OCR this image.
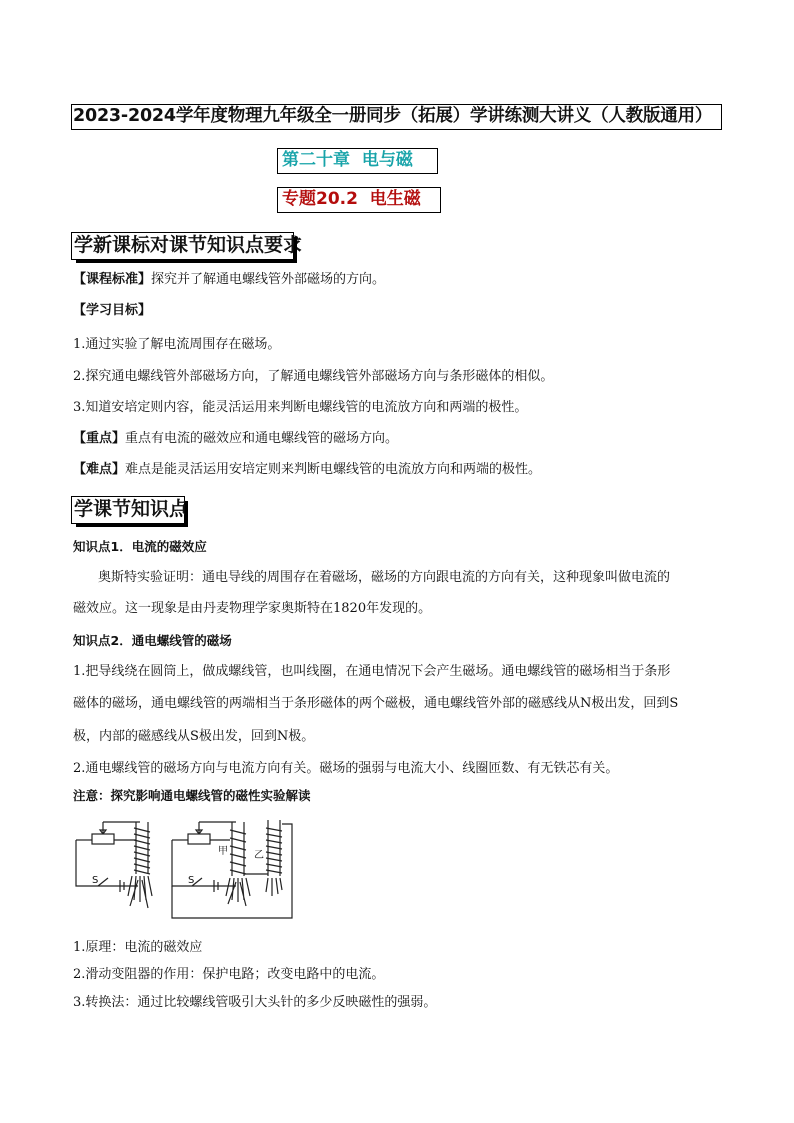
2023-2024学年度物理九年级全一册同步（拓展）学讲练测大讲义（人教版通用）
第二十章  电与磁
专题20.2  电生磁
学新课标对课节知识点要求
【课程标准】探究并了解通电螺线管外部磁场的方向。
【学习目标】
1.通过实验了解电流周围存在磁场。
2.探究通电螺线管外部磁场方向，了解通电螺线管外部磁场方向与条形磁体的相似。
3.知道安培定则内容，能灵活运用来判断电螺线管的电流放方向和两端的极性。
【重点】重点有电流的磁效应和通电螺线管的磁场方向。
【难点】难点是能灵活运用安培定则来判断电螺线管的电流放方向和两端的极性。
学课节知识点
知识点1．电流的磁效应
奥斯特实验证明：通电导线的周围存在着磁场，磁场的方向跟电流的方向有关，这种现象叫做电流的
磁效应。这一现象是由丹麦物理学家奥斯特在1820年发现的。
知识点2．通电螺线管的磁场
1.把导线绕在圆筒上，做成螺线管，也叫线圈，在通电情况下会产生磁场。通电螺线管的磁场相当于条形
磁体的磁场，通电螺线管的两端相当于条形磁体的两个磁极，通电螺线管外部的磁感线从N极出发，回到S
极，内部的磁感线从S极出发，回到N极。
2.通电螺线管的磁场方向与电流方向有关。磁场的强弱与电流大小、线圈匝数、有无铁芯有关。
注意：探究影响通电螺线管的磁性实验解读
S	S
甲	乙
1.原理：电流的磁效应
2.滑动变阻器的作用：保护电路；改变电路中的电流。
3.转换法：通过比较螺线管吸引大头针的多少反映磁性的强弱。
